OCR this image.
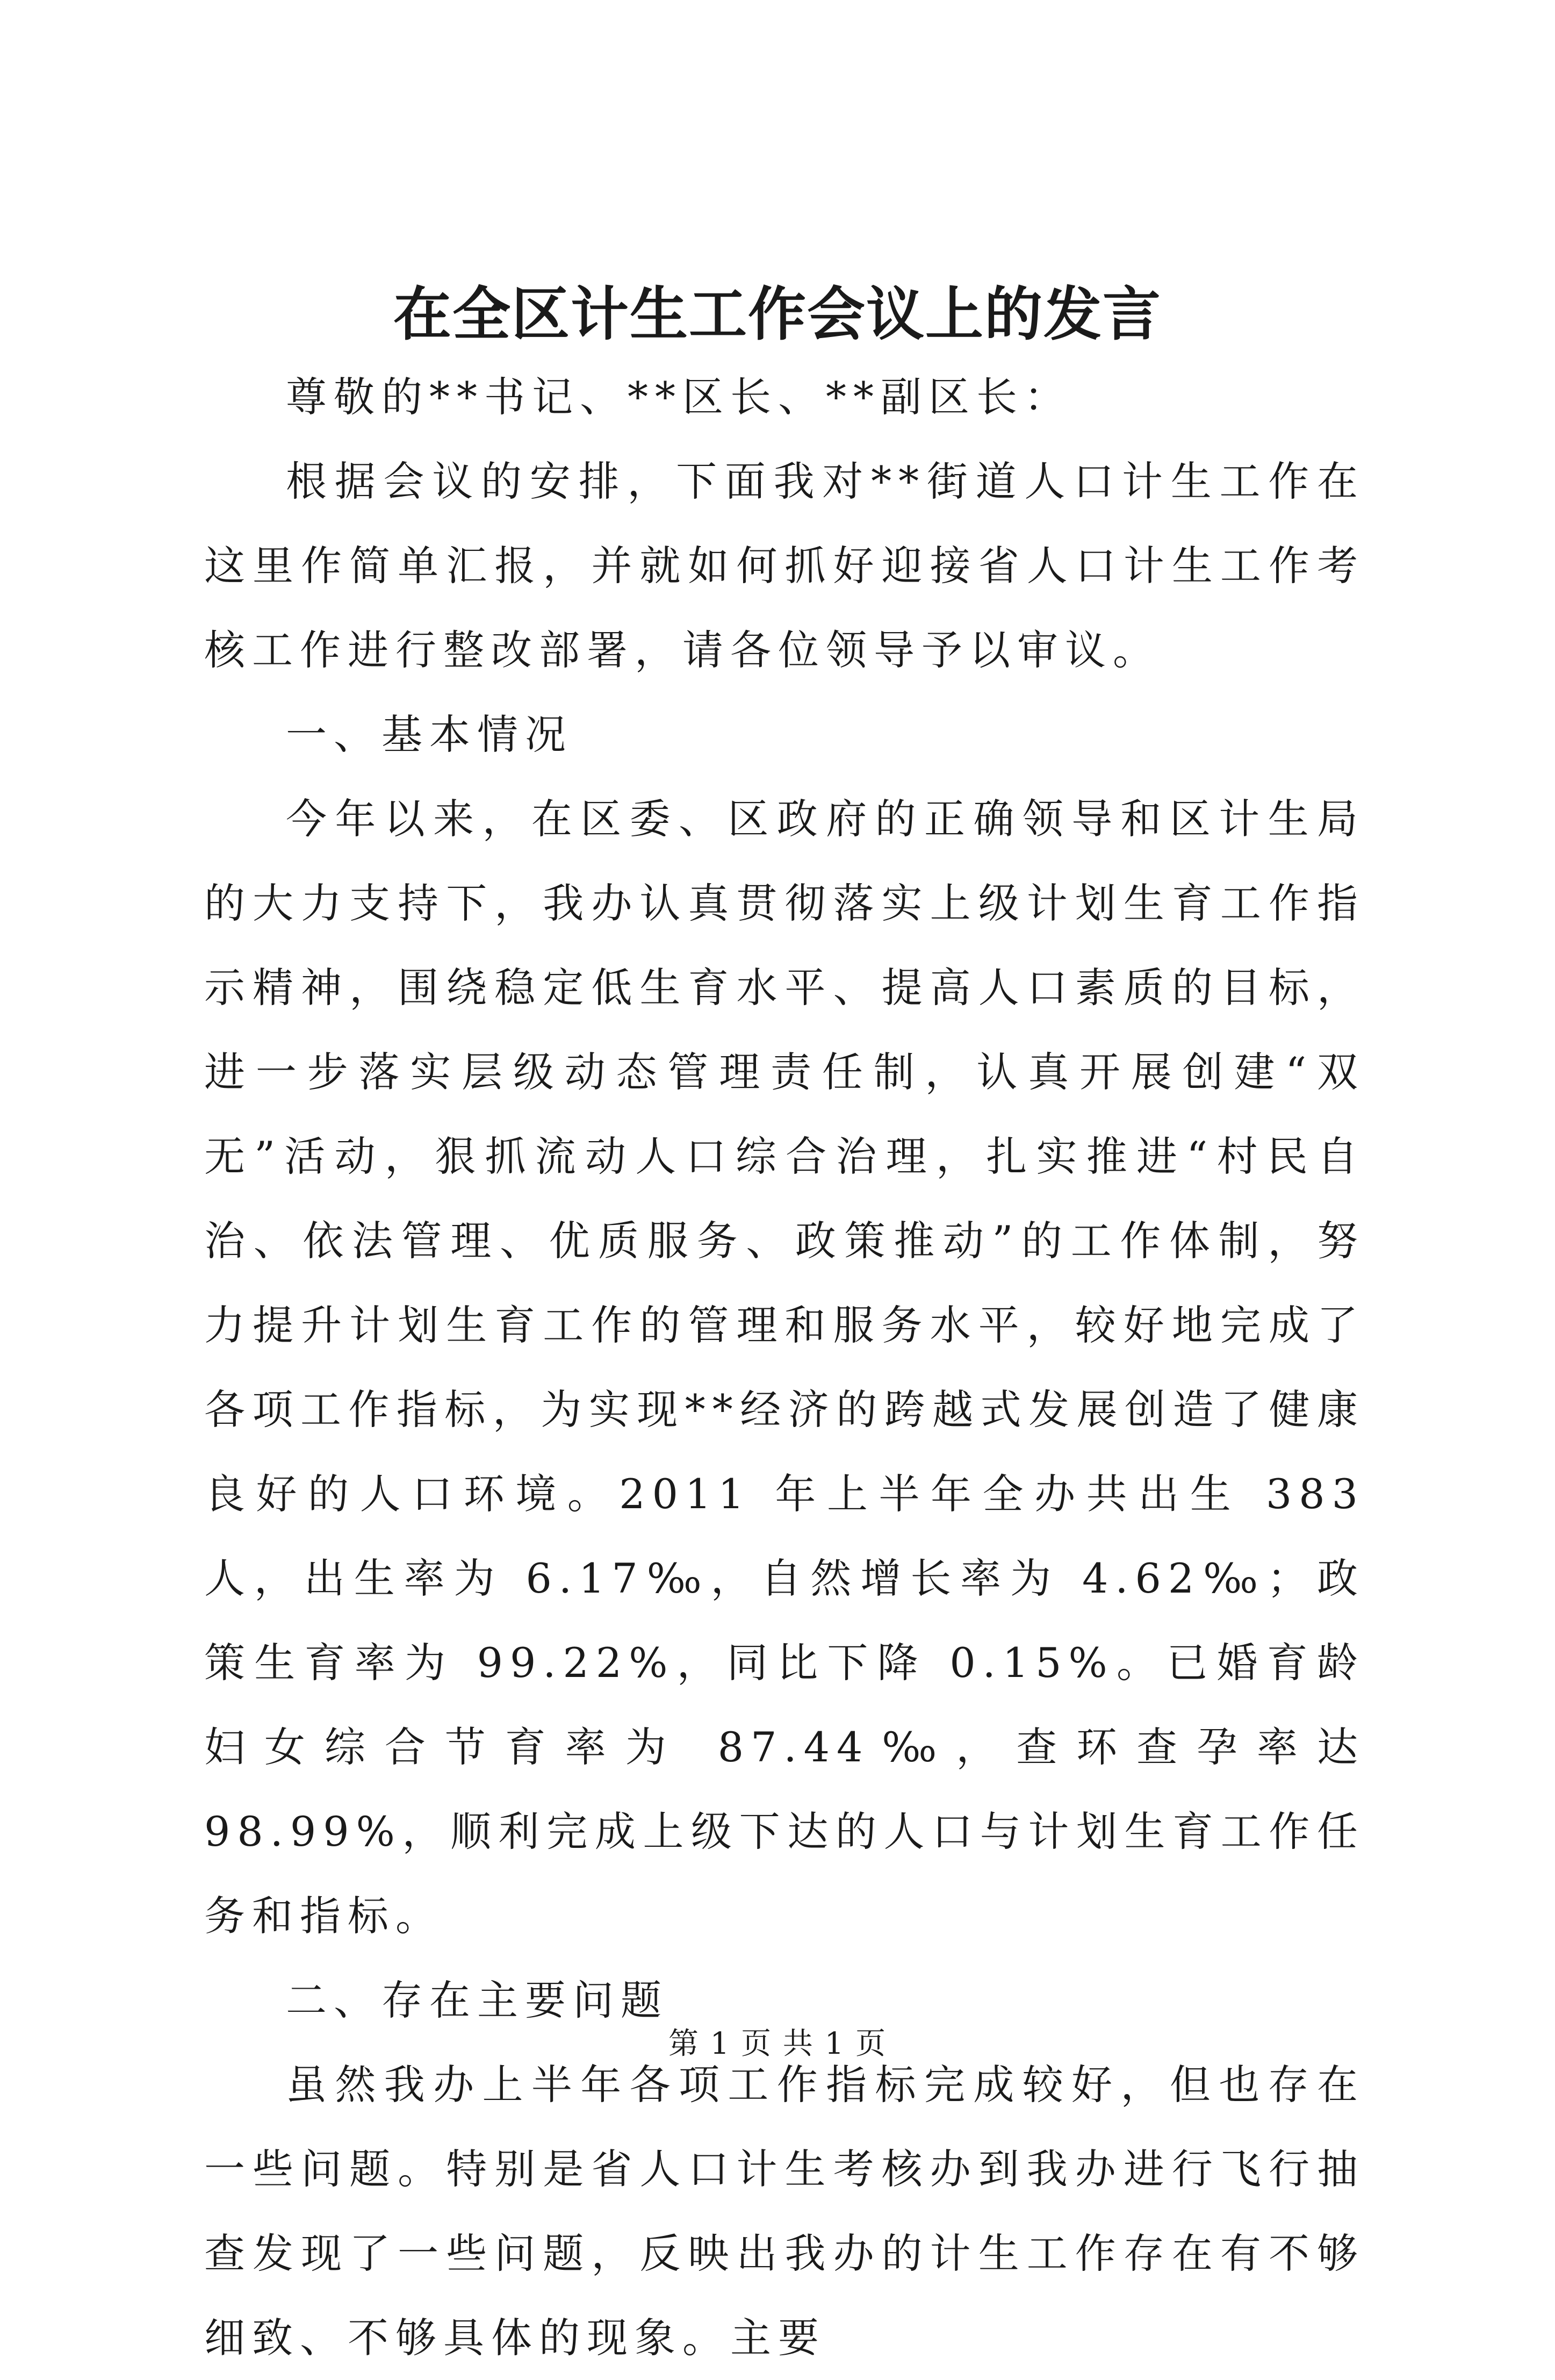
在全区计生工作会议上的发言

尊敬的**书记、**区长、**副区长：

根据会议的安排，下面我对**街道人口计生工作在这里作简单汇报，并就如何抓好迎接省人口计生工作考核工作进行整改部署，请各位领导予以审议。

一、基本情况

今年以来，在区委、区政府的正确领导和区计生局的大力支持下，我办认真贯彻落实上级计划生育工作指示精神，围绕稳定低生育水平、提高人口素质的目标，进一步落实层级动态管理责任制，认真开展创建“双无”活动，狠抓流动人口综合治理，扎实推进“村民自治、依法管理、优质服务、政策推动”的工作体制，努力提升计划生育工作的管理和服务水平，较好地完成了各项工作指标，为实现**经济的跨越式发展创造了健康良好的人口环境。2011 年上半年全办共出生 383 人，出生率为 6.17‰，自然增长率为 4.62‰；政策生育率为 99.22%，同比下降 0.15%。已婚育龄妇女综合节育率为 87.44‰，查环查孕率达 98.99%，顺利完成上级下达的人口与计划生育工作任务和指标。

二、存在主要问题

虽然我办上半年各项工作指标完成较好，但也存在一些问题。特别是省人口计生考核办到我办进行飞行抽查发现了一些问题，反映出我办的计生工作存在有不够细致、不够具体的现象。主要

第 1 页 共 1 页
